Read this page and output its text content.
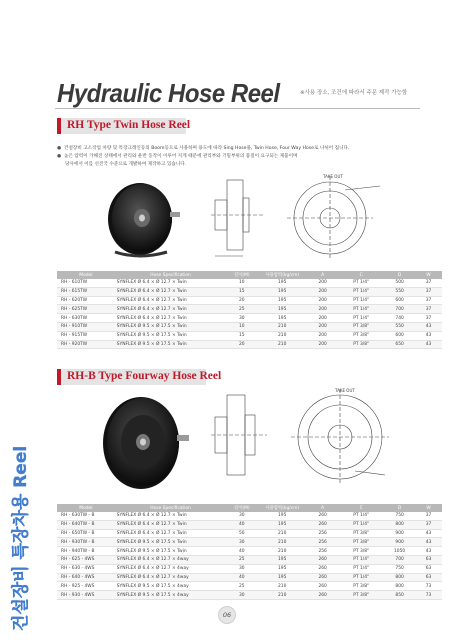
Hydraulic Hose Reel	※사용 장소, 조건에 따라서 주문 제작 가능함
RH Type Twin Hose Reel
● 건설장비 고소작업 차량 및 특장크레인등의 Boom등으로 사용하며 용도에 따라 Sing Hose용, Twin Hose, Four Way Hose로 나뉘어 집니다.
● 높은 압력이 가해진 상태에서 관리와 운반 동작이 이루어 지게 때문에 관리부와 기밀부위의 품질이 요구되는 제품이며
당사에서 이를 선진국 수준으로 개발하여 제작하고 있습니다.
TAKE OUT
Model	Hose Specification	길이(M)	사용압력(kg/cm)	A	C	D	W
RH - 610TW	SYNFLEX Ø 6.4 × Ø 12.7 × Twin	10	195	200	PT 1/4"	500	37
RH - 615TW	SYNFLEX Ø 6.4 × Ø 12.7 × Twin	15	195	200	PT 1/4"	550	37
RH - 620TW	SYNFLEX Ø 6.4 × Ø 12.7 × Twin	20	195	200	PT 1/4"	600	37
RH - 625TW	SYNFLEX Ø 6.4 × Ø 12.7 × Twin	25	195	200	PT 1/4"	700	37
RH - 630TW	SYNFLEX Ø 6.4 × Ø 12.7 × Twin	30	195	200	PT 1/4"	740	37
RH - 910TW	SYNFLEX Ø 9.5 × Ø 17.5 × Twin	10	210	200	PT 3/8"	550	43
RH - 915TW	SYNFLEX Ø 9.5 × Ø 17.5 × Twin	15	210	200	PT 3/8"	600	43
RH - 920TW	SYNFLEX Ø 9.5 × Ø 17.5 × Twin	20	210	200	PT 3/8"	650	43
RH-B Type Fourway Hose Reel
TAKE OUT
Model	Hose Specification	길이(M)	사용압력(kg/cm)	A	C	D	W
RH - 630TW - B	SYNFLEX Ø 6.4 × Ø 12.7 × Twin	30	195	260	PT 1/4"	750	37
RH - 640TW - B	SYNFLEX Ø 6.4 × Ø 12.7 × Twin	40	195	260	PT 1/4"	800	37
RH - 650TW - B	SYNFLEX Ø 6.4 × Ø 12.7 × Twin	50	210	256	PT 3/8"	900	43
RH - 930TW - B	SYNFLEX Ø 9.5 × Ø 17.5 × Twin	30	210	256	PT 3/8"	900	43
RH - 940TW - B	SYNFLEX Ø 9.5 × Ø 17.5 × Twin	40	210	256	PT 3/8"	1050	43
RH - 625 - 4WS	SYNFLEX Ø 6.4 × Ø 12.7 × 4way	25	195	260	PT 1/4"	700	63
RH - 630 - 4WS	SYNFLEX Ø 6.4 × Ø 12.7 × 4way	30	195	260	PT 1/4"	750	63
RH - 640 - 4WS	SYNFLEX Ø 6.4 × Ø 12.7 × 4way	40	195	260	PT 1/4"	800	63
RH - 925 - 4WS	SYNFLEX Ø 9.5 × Ø 17.5 × 4way	25	210	260	PT 3/8"	800	73
RH - 930 - 4WS	SYNFLEX Ø 9.5 × Ø 17.5 × 4way	30	210	260	PT 3/8"	850	73
건설장비 특장차용 Reel	06
